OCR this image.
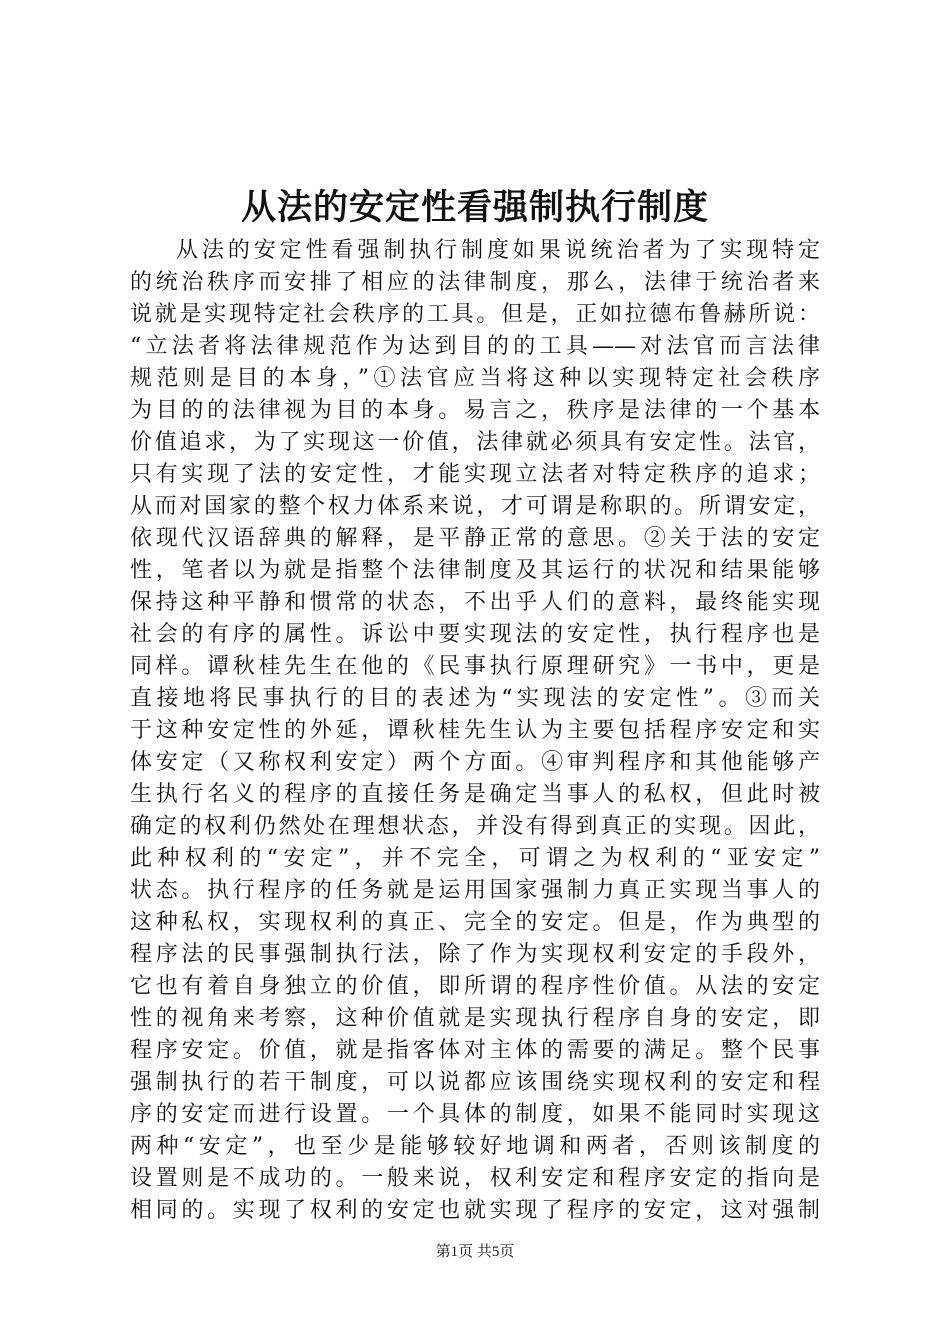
从法的安定性看强制执行制度
从法的安定性看强制执行制度如果说统治者为了实现特定
的统治秩序而安排了相应的法律制度，那么，法律于统治者来
说就是实现特定社会秩序的工具。但是，正如拉德布鲁赫所说：
“立法者将法律规范作为达到目的的工具——对法官而言法律
规范则是目的本身，”①法官应当将这种以实现特定社会秩序
为目的的法律视为目的本身。易言之，秩序是法律的一个基本
价值追求，为了实现这一价值，法律就必须具有安定性。法官，
只有实现了法的安定性，才能实现立法者对特定秩序的追求；
从而对国家的整个权力体系来说，才可谓是称职的。所谓安定，
依现代汉语辞典的解释，是平静正常的意思。②关于法的安定
性，笔者以为就是指整个法律制度及其运行的状况和结果能够
保持这种平静和惯常的状态，不出乎人们的意料，最终能实现
社会的有序的属性。诉讼中要实现法的安定性，执行程序也是
同样。谭秋桂先生在他的《民事执行原理研究》一书中，更是
直接地将民事执行的目的表述为“实现法的安定性”。③而关
于这种安定性的外延，谭秋桂先生认为主要包括程序安定和实
体安定（又称权利安定）两个方面。④审判程序和其他能够产
生执行名义的程序的直接任务是确定当事人的私权，但此时被
确定的权利仍然处在理想状态，并没有得到真正的实现。因此，
此种权利的“安定”，并不完全，可谓之为权利的“亚安定”
状态。执行程序的任务就是运用国家强制力真正实现当事人的
这种私权，实现权利的真正、完全的安定。但是，作为典型的
程序法的民事强制执行法，除了作为实现权利安定的手段外，
它也有着自身独立的价值，即所谓的程序性价值。从法的安定
性的视角来考察，这种价值就是实现执行程序自身的安定，即
程序安定。价值，就是指客体对主体的需要的满足。整个民事
强制执行的若干制度，可以说都应该围绕实现权利的安定和程
序的安定而进行设置。一个具体的制度，如果不能同时实现这
两种“安定”，也至少是能够较好地调和两者，否则该制度的
设置则是不成功的。一般来说，权利安定和程序安定的指向是
相同的。实现了权利的安定也就实现了程序的安定，这对强制
第1页 共5页
